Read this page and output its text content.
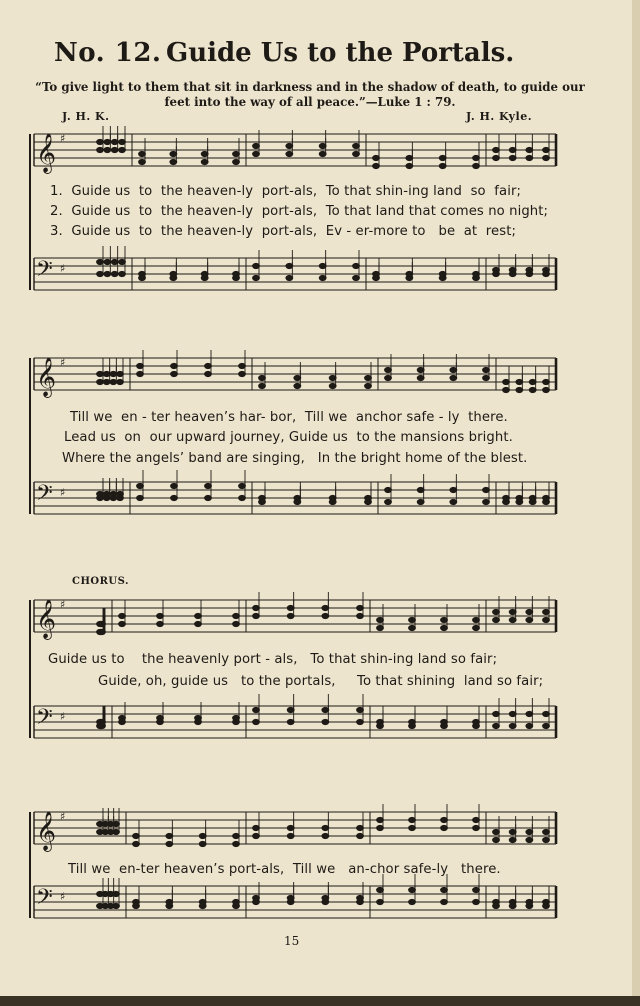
No. 12. Guide Us to the Portals.
“To give light to them that sit in darkness and in the shadow of death, to guide our
feet into the way of all peace.”—Luke 1 : 79.
J. H. K.	J. H. Kyle.
𝄞 ♯
𝄢 ♯
𝄞 ♯
𝄢 ♯
𝄞 ♯
𝄢 ♯
𝄞 ♯
𝄢 ♯
1.  Guide us  to  the heaven-ly  port-als,  To that shin-ing land  so  fair;
2.  Guide us  to  the heaven-ly  port-als,  To that land that comes no night;
3.  Guide us  to  the heaven-ly  port-als,  Ev - er-more to   be  at  rest;
Till we  en - ter heaven’s har- bor,  Till we  anchor safe - ly  there.
Lead us  on  our upward journey, Guide us  to the mansions bright.
Where the angels’ band are singing,   In the bright home of the blest.
CHORUS.
Guide us to    the heavenly port - als,   To that shin-ing land so fair;
Guide, oh, guide us   to the portals,     To that shining  land so fair;
Till we  en-ter heaven’s port-als,  Till we   an-chor safe-ly   there.
15
